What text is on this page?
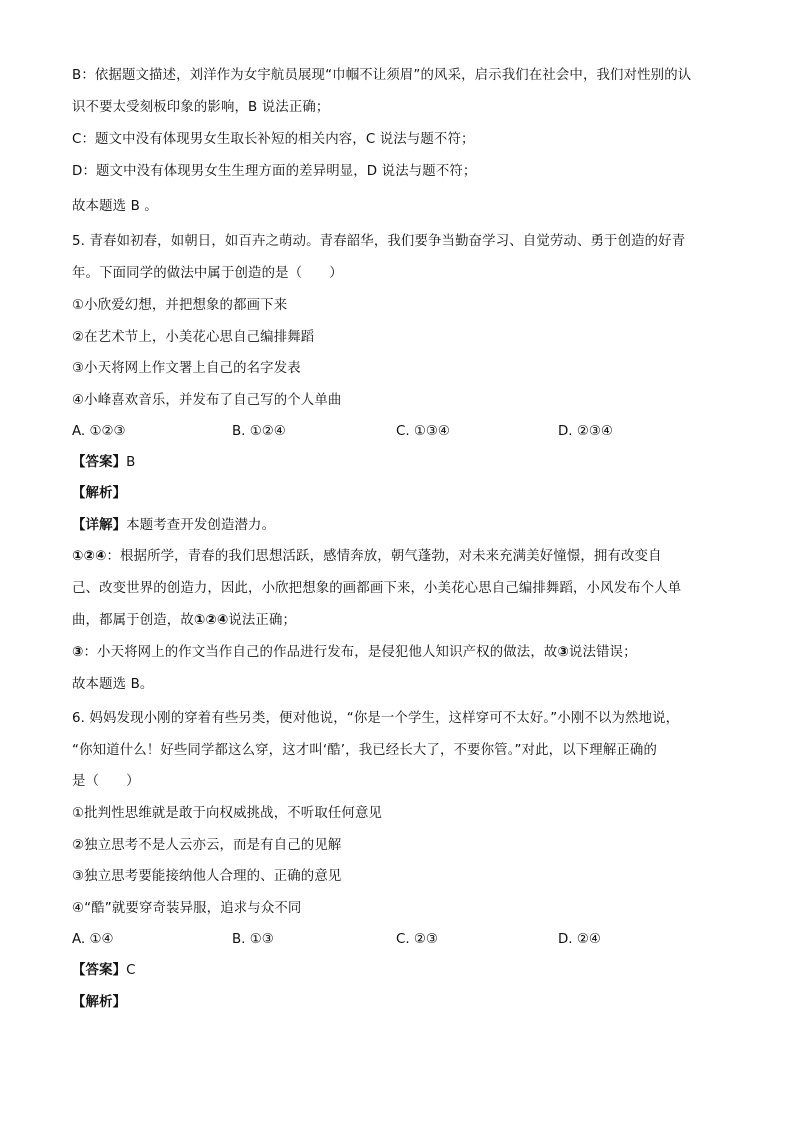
B：依据题文描述，刘洋作为女宇航员展现“巾帼不让须眉”的风采，启示我们在社会中，我们对性别的认
识不要太受刻板印象的影响，B 说法正确；
C：题文中没有体现男女生取长补短的相关内容，C 说法与题不符；
D：题文中没有体现男女生生理方面的差异明显，D 说法与题不符；
故本题选 B 。
5. 青春如初春，如朝日，如百卉之萌动。青春韶华，我们要争当勤奋学习、自觉劳动、勇于创造的好青
年。下面同学的做法中属于创造的是（　　）
①小欣爱幻想，并把想象的都画下来
②在艺术节上，小美花心思自己编排舞蹈
③小天将网上作文署上自己的名字发表
④小峰喜欢音乐，并发布了自己写的个人单曲
A. ①②③	B. ①②④	C. ①③④	D. ②③④
【答案】B
【解析】
【详解】本题考查开发创造潜力。
①②④：根据所学，青春的我们思想活跃，感情奔放，朝气蓬勃，对未来充满美好憧憬，拥有改变自
己、改变世界的创造力，因此，小欣把想象的画都画下来，小美花心思自己编排舞蹈，小风发布个人单
曲，都属于创造，故①②④说法正确；
③：小天将网上的作文当作自己的作品进行发布，是侵犯他人知识产权的做法，故③说法错误；
故本题选 B。
6. 妈妈发现小刚的穿着有些另类，便对他说，“你是一个学生，这样穿可不太好。”小刚不以为然地说，
“你知道什么！好些同学都这么穿，这才叫‘酷’，我已经长大了，不要你管。”对此，以下理解正确的
是（　　）
①批判性思维就是敢于向权威挑战，不听取任何意见
②独立思考不是人云亦云，而是有自己的见解
③独立思考要能接纳他人合理的、正确的意见
④“酷”就要穿奇装异服，追求与众不同
A. ①④	B. ①③	C. ②③	D. ②④
【答案】C
【解析】
